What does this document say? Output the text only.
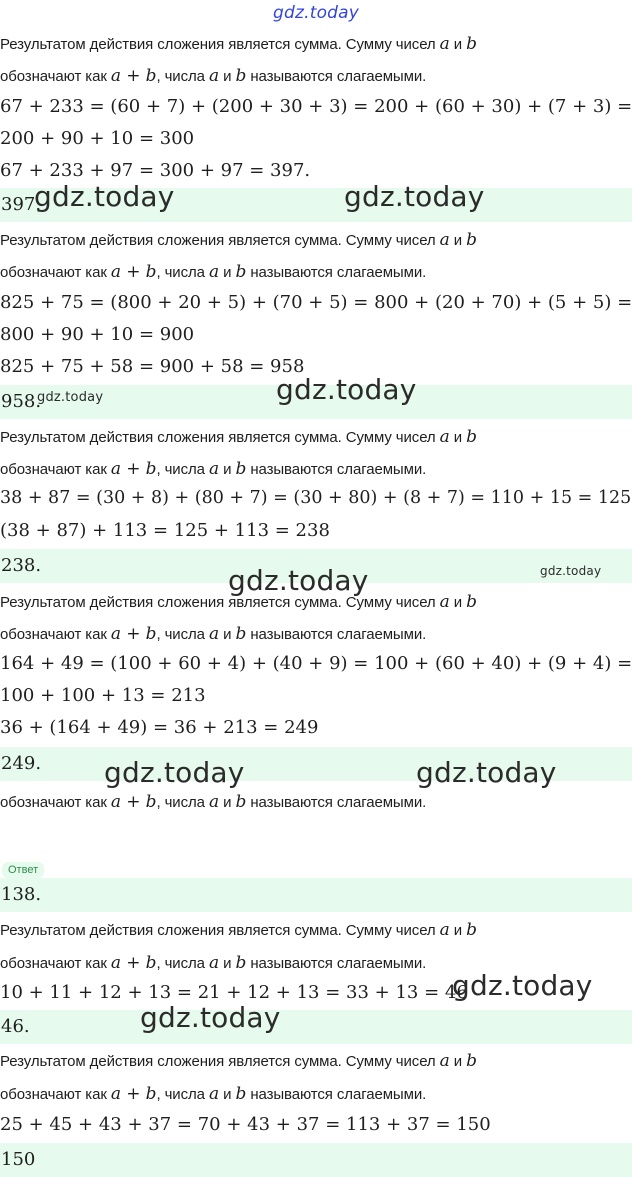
Результатом действия сложения является сумма. Сумму чисел a и b
обозначают как a + b, числа a и b называются слагаемыми.
67 + 233 = (60 + 7) + (200 + 30 + 3) = 200 + (60 + 30) + (7 + 3) =
200 + 90 + 10 = 300
67 + 233 + 97 = 300 + 97 = 397.
397.
Результатом действия сложения является сумма. Сумму чисел a и b
обозначают как a + b, числа a и b называются слагаемыми.
825 + 75 = (800 + 20 + 5) + (70 + 5) = 800 + (20 + 70) + (5 + 5) =
800 + 90 + 10 = 900
825 + 75 + 58 = 900 + 58 = 958
958.
Результатом действия сложения является сумма. Сумму чисел a и b
обозначают как a + b, числа a и b называются слагаемыми.
38 + 87 = (30 + 8) + (80 + 7) = (30 + 80) + (8 + 7) = 110 + 15 = 125
(38 + 87) + 113 = 125 + 113 = 238
238.
Результатом действия сложения является сумма. Сумму чисел a и b
обозначают как a + b, числа a и b называются слагаемыми.
164 + 49 = (100 + 60 + 4) + (40 + 9) = 100 + (60 + 40) + (9 + 4) =
100 + 100 + 13 = 213
36 + (164 + 49) = 36 + 213 = 249
249.
обозначают как a + b, числа a и b называются слагаемыми.
Ответ
138.
Результатом действия сложения является сумма. Сумму чисел a и b
обозначают как a + b, числа a и b называются слагаемыми.
10 + 11 + 12 + 13 = 21 + 12 + 13 = 33 + 13 = 46
46.
Результатом действия сложения является сумма. Сумму чисел a и b
обозначают как a + b, числа a и b называются слагаемыми.
25 + 45 + 43 + 37 = 70 + 43 + 37 = 113 + 37 = 150
150
gdz.today
gdz.today	gdz.today
gdz.today
gdz.today
gdz.today	gdz.today
gdz.today	gdz.today
gdz.today
gdz.today
